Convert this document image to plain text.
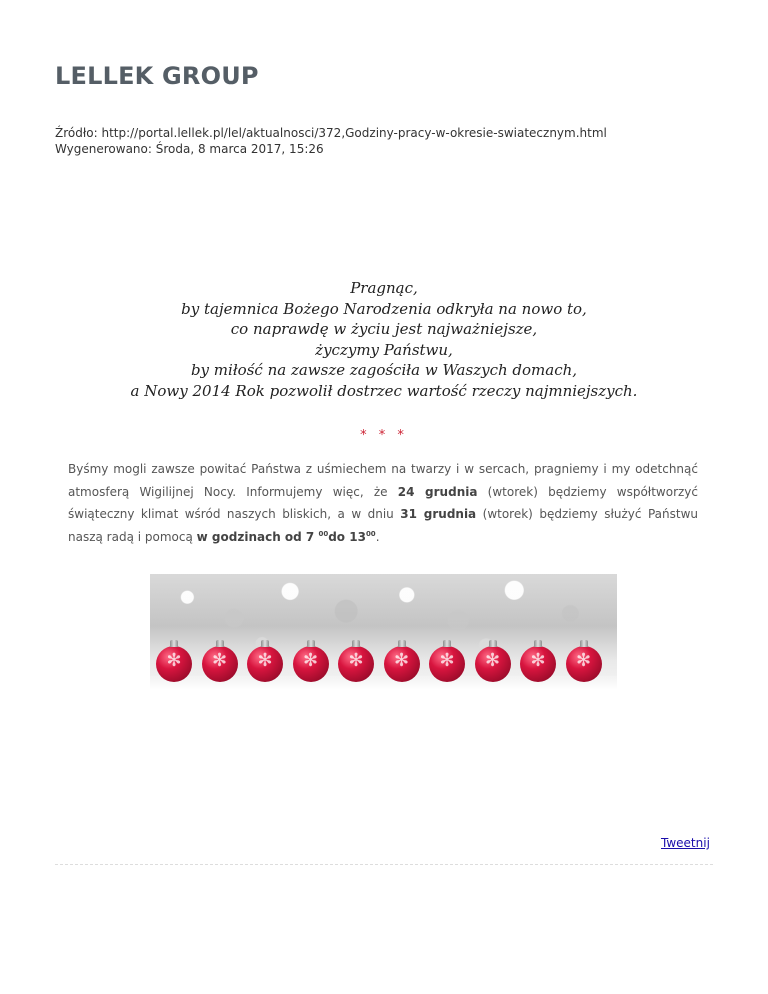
LELLEK GROUP
Źródło: http://portal.lellek.pl/lel/aktualnosci/372,Godziny-pracy-w-okresie-swiatecznym.html
Wygenerowano: Środa, 8 marca 2017, 15:26
Pragnąc,
by tajemnica Bożego Narodzenia odkryła na nowo to,
co naprawdę w życiu jest najważniejsze,
życzymy Państwu,
by miłość na zawsze zagościła w Waszych domach,
a Nowy 2014 Rok pozwolił dostrzec wartość rzeczy najmniejszych.
* * *
Byśmy mogli zawsze powitać Państwa z uśmiechem na twarzy i w sercach, pragniemy i my odetchnąć atmosferą Wigilijnej Nocy. Informujemy więc, że 24 grudnia (wtorek) będziemy współtworzyć świąteczny klimat wśród naszych bliskich, a w dniu 31 grudnia (wtorek) będziemy służyć Państwu naszą radą i pomocą w godzinach od 7 $^{00}$do $13^{00}$.
✻
✻
✻
✻
✻
✻
✻
✻
✻
✻
Tweetnij
